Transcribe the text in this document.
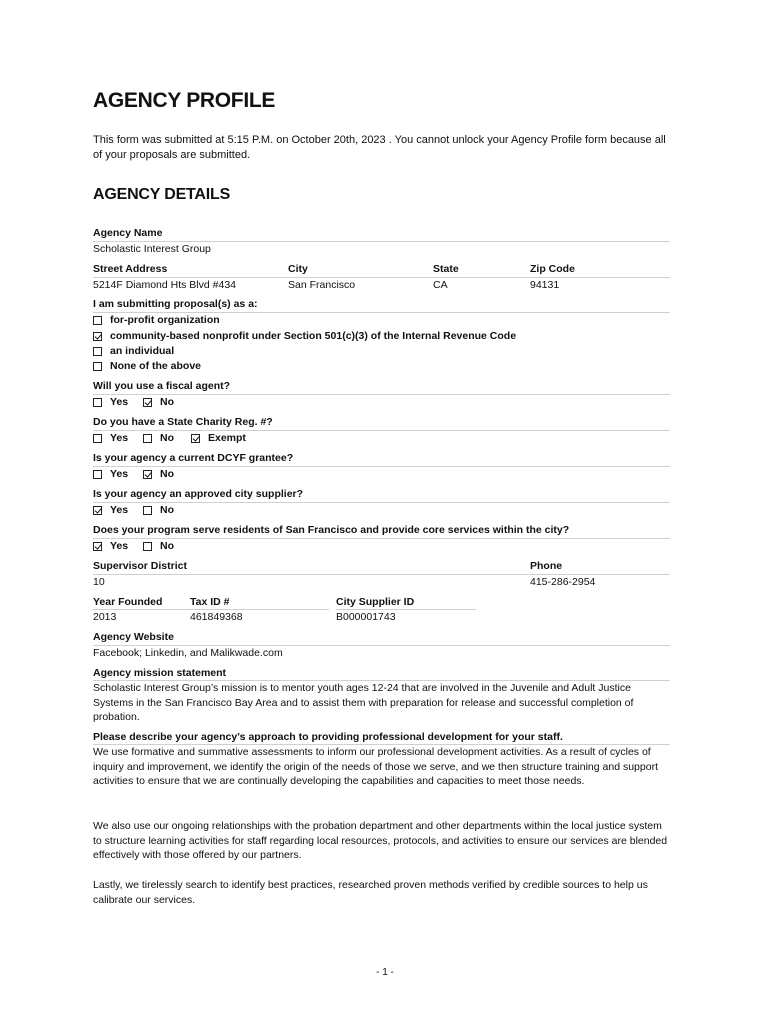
AGENCY PROFILE

This form was submitted at 5:15 P.M. on October 20th, 2023 . You cannot unlock your Agency Profile form because all of your proposals are submitted.

AGENCY DETAILS
Agency Name
Scholastic Interest Group
Street Address	City	State	Zip Code
5214F Diamond Hts Blvd #434	San Francisco	CA	94131
I am submitting proposal(s) as a:
for-profit organization
community-based nonprofit under Section 501(c)(3) of the Internal Revenue Code
an individual
None of the above
Will you use a fiscal agent?
Yes	No
Do you have a State Charity Reg. #?
Yes	No	Exempt
Is your agency a current DCYF grantee?
Yes	No
Is your agency an approved city supplier?
Yes	No
Does your program serve residents of San Francisco and provide core services within the city?
Yes	No
Supervisor District	Phone
10	415-286-2954
Year Founded	Tax ID #	City Supplier ID
2013	461849368	B000001743
Agency Website
Facebook; Linkedin, and Malikwade.com
Agency mission statement

Scholastic Interest Group’s mission is to mentor youth ages 12-24 that are involved in the Juvenile and Adult Justice Systems in the San Francisco Bay Area and to assist them with preparation for release and successful completion of probation.

Please describe your agency’s approach to providing professional development for your staff.

We use formative and summative assessments to inform our professional development activities. As a result of cycles of inquiry and improvement, we identify the origin of the needs of those we serve, and we then structure training and support activities to ensure that we are continually developing the capabilities and capacities to meet those needs.

We also use our ongoing relationships with the probation department and other departments within the local justice system to structure learning activities for staff regarding local resources, protocols, and activities to ensure our services are blended effectively with those offered by our partners.

Lastly, we tirelessly search to identify best practices, researched proven methods verified by credible sources to help us calibrate our services.

- 1 -
